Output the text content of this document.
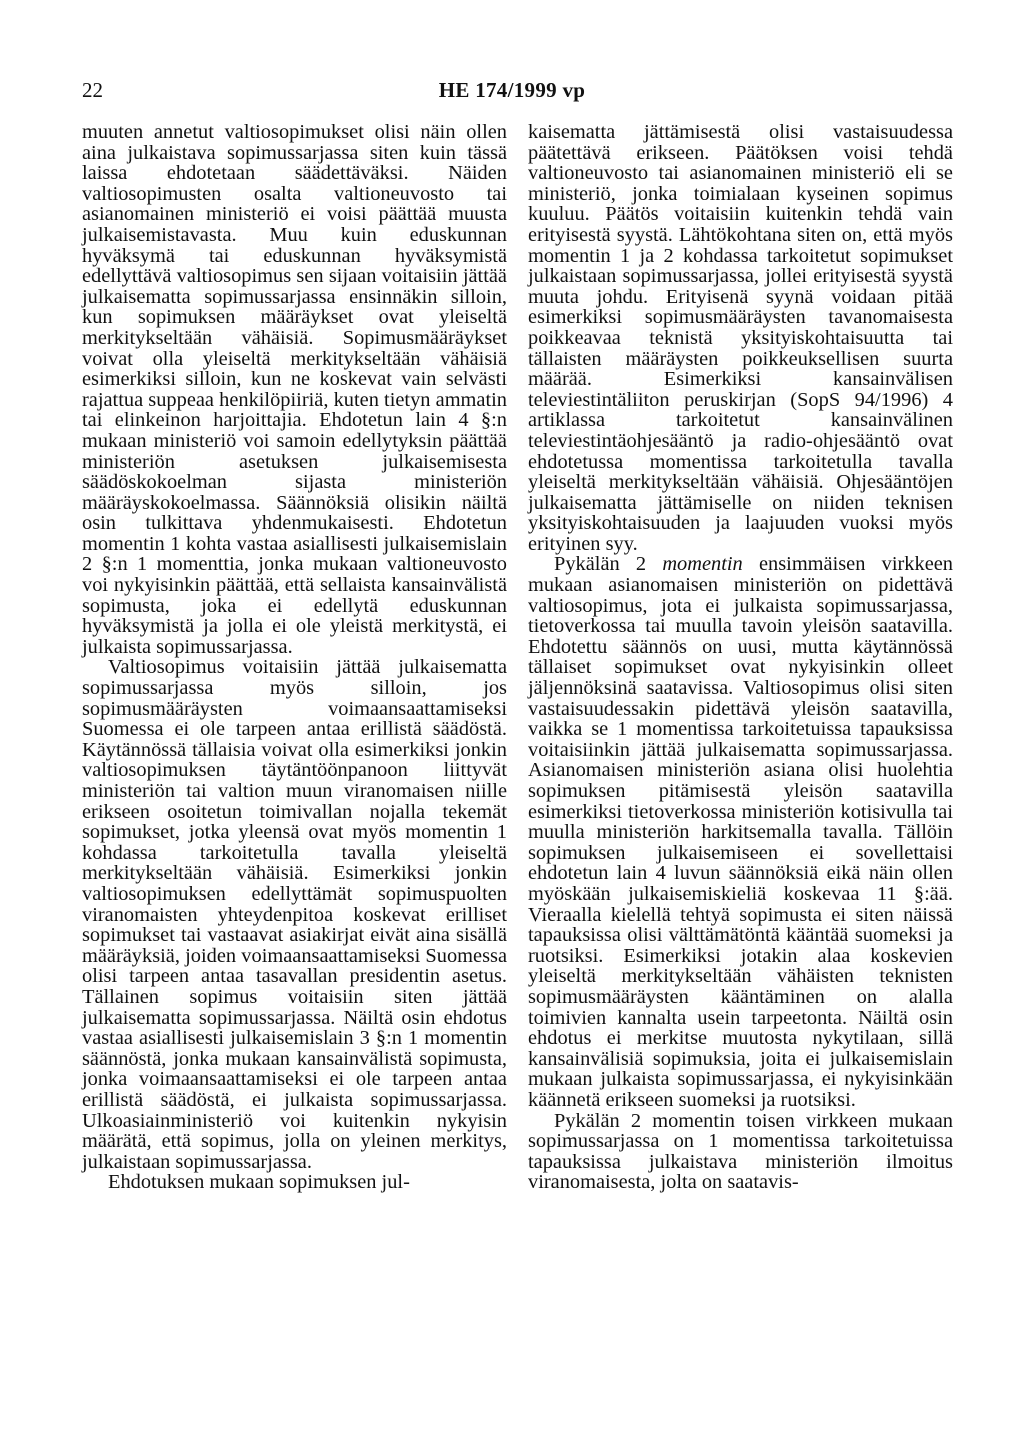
22	HE 174/1999 vp

muuten annetut valtiosopimukset olisi näin ollen aina julkaistava sopimussarjassa siten kuin tässä laissa ehdotetaan säädettäväksi. Näiden valtiosopimusten osalta valtioneuvosto tai asianomainen ministeriö ei voisi päättää muusta julkaisemistavasta. Muu kuin eduskunnan hyväksymä tai eduskunnan hyväksymistä edellyttävä valtiosopimus sen sijaan voitaisiin jättää julkaisematta sopimussarjassa ensinnäkin silloin, kun sopimuksen määräykset ovat yleiseltä merkitykseltään vähäisiä. Sopimusmääräykset voivat olla yleiseltä merkitykseltään vähäisiä esimerkiksi silloin, kun ne koskevat vain selvästi rajattua suppeaa henkilöpiiriä, kuten tietyn ammatin tai elinkeinon harjoittajia. Ehdotetun lain 4 §:n mukaan ministeriö voi samoin edellytyksin päättää ministeriön asetuksen julkaisemisesta säädöskokoelman sijasta ministeriön määräyskokoelmassa. Säännöksiä olisikin näiltä osin tulkittava yhdenmukaisesti. Ehdotetun momentin 1 kohta vastaa asiallisesti julkaisemislain 2 §:n 1 momenttia, jonka mukaan valtioneuvosto voi nykyisinkin päättää, että sellaista kansainvälistä sopimusta, joka ei edellytä eduskunnan hyväksymistä ja jolla ei ole yleistä merkitystä, ei julkaista sopimussarjassa.

Valtiosopimus voitaisiin jättää julkaisematta sopimussarjassa myös silloin, jos sopimusmääräysten voimaansaattamiseksi Suomessa ei ole tarpeen antaa erillistä säädöstä. Käytännössä tällaisia voivat olla esimerkiksi jonkin valtiosopimuksen täytäntöönpanoon liittyvät ministeriön tai valtion muun viranomaisen niille erikseen osoitetun toimivallan nojalla tekemät sopimukset, jotka yleensä ovat myös momentin 1 kohdassa tarkoitetulla tavalla yleiseltä merkitykseltään vähäisiä. Esimerkiksi jonkin valtiosopimuksen edellyttämät sopimuspuolten viranomaisten yhteydenpitoa koskevat erilliset sopimukset tai vastaavat asiakirjat eivät aina sisällä määräyksiä, joiden voimaansaattamiseksi Suomessa olisi tarpeen antaa tasavallan presidentin asetus. Tällainen sopimus voitaisiin siten jättää julkaisematta sopimussarjassa. Näiltä osin ehdotus vastaa asiallisesti julkaisemislain 3 §:n 1 momentin säännöstä, jonka mukaan kansainvälistä sopimusta, jonka voimaansaattamiseksi ei ole tarpeen antaa erillistä säädöstä, ei julkaista sopimussarjassa. Ulkoasiainministeriö voi kuitenkin nykyisin määrätä, että sopimus, jolla on yleinen merkitys, julkaistaan sopimussarjassa.

Ehdotuksen mukaan sopimuksen jul-

kaisematta jättämisestä olisi vastaisuudessa päätettävä erikseen. Päätöksen voisi tehdä valtioneuvosto tai asianomainen ministeriö eli se ministeriö, jonka toimialaan kyseinen sopimus kuuluu. Päätös voitaisiin kuitenkin tehdä vain erityisestä syystä. Lähtökohtana siten on, että myös momentin 1 ja 2 kohdassa tarkoitetut sopimukset julkaistaan sopimussarjassa, jollei erityisestä syystä muuta johdu. Erityisenä syynä voidaan pitää esimerkiksi sopimusmääräysten tavanomaisesta poikkeavaa teknistä yksityiskohtaisuutta tai tällaisten määräysten poikkeuksellisen suurta määrää. Esimerkiksi kansainvälisen televiestintäliiton peruskirjan (SopS 94/1996) 4 artiklassa tarkoitetut kansainvälinen televiestintäohjesääntö ja radio-ohjesääntö ovat ehdotetussa momentissa tarkoitetulla tavalla yleiseltä merkitykseltään vähäisiä. Ohjesääntöjen julkaisematta jättämiselle on niiden teknisen yksityiskohtaisuuden ja laajuuden vuoksi myös erityinen syy.

Pykälän 2 momentin ensimmäisen virkkeen mukaan asianomaisen ministeriön on pidettävä valtiosopimus, jota ei julkaista sopimussarjassa, tietoverkossa tai muulla tavoin yleisön saatavilla. Ehdotettu säännös on uusi, mutta käytännössä tällaiset sopimukset ovat nykyisinkin olleet jäljennöksinä saatavissa. Valtiosopimus olisi siten vastaisuudessakin pidettävä yleisön saatavilla, vaikka se 1 momentissa tarkoitetuissa tapauksissa voitaisiinkin jättää julkaisematta sopimussarjassa. Asianomaisen ministeriön asiana olisi huolehtia sopimuksen pitämisestä yleisön saatavilla esimerkiksi tietoverkossa ministeriön kotisivulla tai muulla ministeriön harkitsemalla tavalla. Tällöin sopimuksen julkaisemiseen ei sovellettaisi ehdotetun lain 4 luvun säännöksiä eikä näin ollen myöskään julkaisemiskieliä koskevaa 11 §:ää. Vieraalla kielellä tehtyä sopimusta ei siten näissä tapauksissa olisi välttämätöntä kääntää suomeksi ja ruotsiksi. Esimerkiksi jotakin alaa koskevien yleiseltä merkitykseltään vähäisten teknisten sopimusmääräysten kääntäminen on alalla toimivien kannalta usein tarpeetonta. Näiltä osin ehdotus ei merkitse muutosta nykytilaan, sillä kansainvälisiä sopimuksia, joita ei julkaisemislain mukaan julkaista sopimussarjassa, ei nykyisinkään käännetä erikseen suomeksi ja ruotsiksi.

Pykälän 2 momentin toisen virkkeen mukaan sopimussarjassa on 1 momentissa tarkoitetuissa tapauksissa julkaistava ministeriön ilmoitus viranomaisesta, jolta on saatavis-
